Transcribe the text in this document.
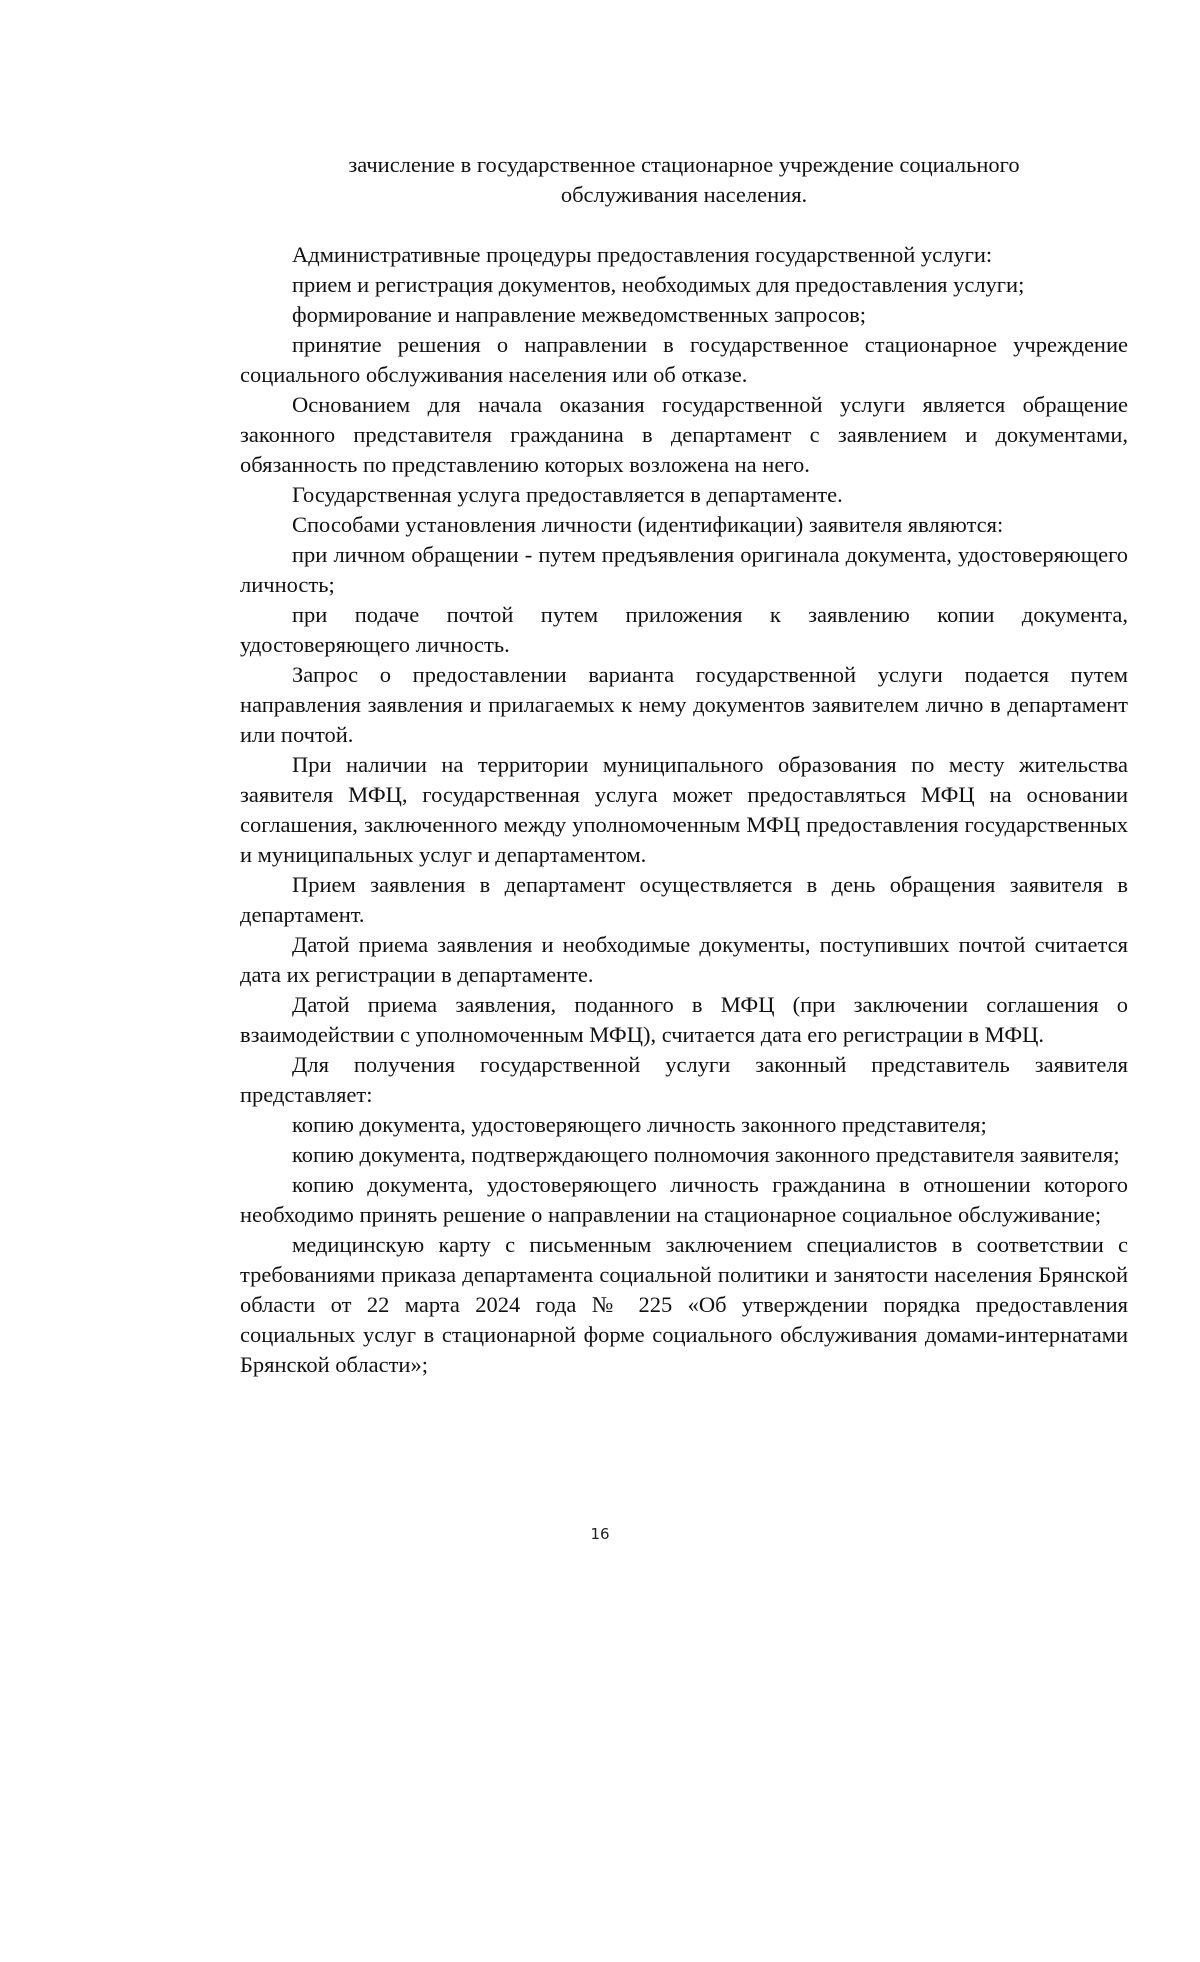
зачисление в государственное стационарное учреждение социального
обслуживания населения.

Административные процедуры предоставления государственной услуги:

прием и регистрация документов, необходимых для предоставления услуги;

формирование и направление межведомственных запросов;

принятие решения о направлении в государственное стационарное учреждение социального обслуживания населения или об отказе.

Основанием для начала оказания государственной услуги является обращение законного представителя гражданина в департамент с заявлением и документами, обязанность по представлению которых возложена на него.

Государственная услуга предоставляется в департаменте.

Способами установления личности (идентификации) заявителя являются:

при личном обращении - путем предъявления оригинала документа, удостоверяющего личность;

при подаче почтой путем приложения к заявлению копии документа, удостоверяющего личность.

Запрос о предоставлении варианта государственной услуги подается путем направления заявления и прилагаемых к нему документов заявителем лично в департамент или почтой.

При наличии на территории муниципального образования по месту жительства заявителя МФЦ, государственная услуга может предоставляться МФЦ на основании соглашения, заключенного между уполномоченным МФЦ предоставления государственных и муниципальных услуг и департаментом.

Прием заявления в департамент осуществляется в день обращения заявителя в департамент.

Датой приема заявления и необходимые документы, поступивших почтой считается дата их регистрации в департаменте.

Датой приема заявления, поданного в МФЦ (при заключении соглашения о взаимодействии с уполномоченным МФЦ), считается дата его регистрации в МФЦ.

Для получения государственной услуги законный представитель заявителя представляет:

копию документа, удостоверяющего личность законного представителя;

копию документа, подтверждающего полномочия законного представителя заявителя;

копию документа, удостоверяющего личность гражданина в отношении которого необходимо принять решение о направлении на стационарное социальное обслуживание;

медицинскую карту с письменным заключением специалистов в соответствии с требованиями приказа департамента социальной политики и занятости населения Брянской области от 22 марта 2024 года № 225 «Об утверждении порядка предоставления социальных услуг в стационарной форме социального обслуживания домами-интернатами Брянской области»;

16
